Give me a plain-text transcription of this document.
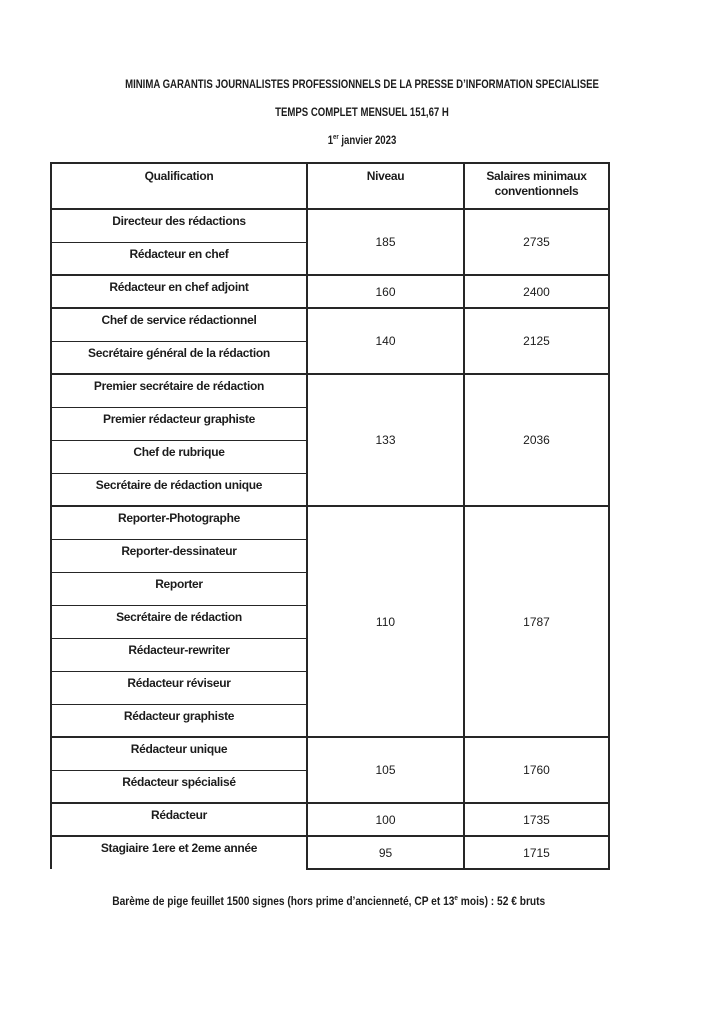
MINIMA GARANTIS JOURNALISTES PROFESSIONNELS DE LA PRESSE D’INFORMATION SPECIALISEE
TEMPS COMPLET MENSUEL 151,67 H
1er janvier 2023
Qualification	Niveau	Salaires minimaux conventionnels
Directeur des rédactions	185	2735
Rédacteur en chef		
Rédacteur en chef adjoint	160	2400
Chef de service rédactionnel	140	2125
Secrétaire général de la rédaction		
Premier secrétaire de rédaction	133	2036
Premier rédacteur graphiste		
Chef de rubrique		
Secrétaire de rédaction unique		
Reporter-Photographe	110	1787
Reporter-dessinateur		
Reporter		
Secrétaire de rédaction		
Rédacteur-rewriter		
Rédacteur réviseur		
Rédacteur graphiste		
Rédacteur unique	105	1760
Rédacteur spécialisé		
Rédacteur	100	1735
Stagiaire 1ere et 2eme année	95	1715
Barème de pige feuillet 1500 signes (hors prime d’ancienneté, CP et 13e mois) : 52 € bruts
